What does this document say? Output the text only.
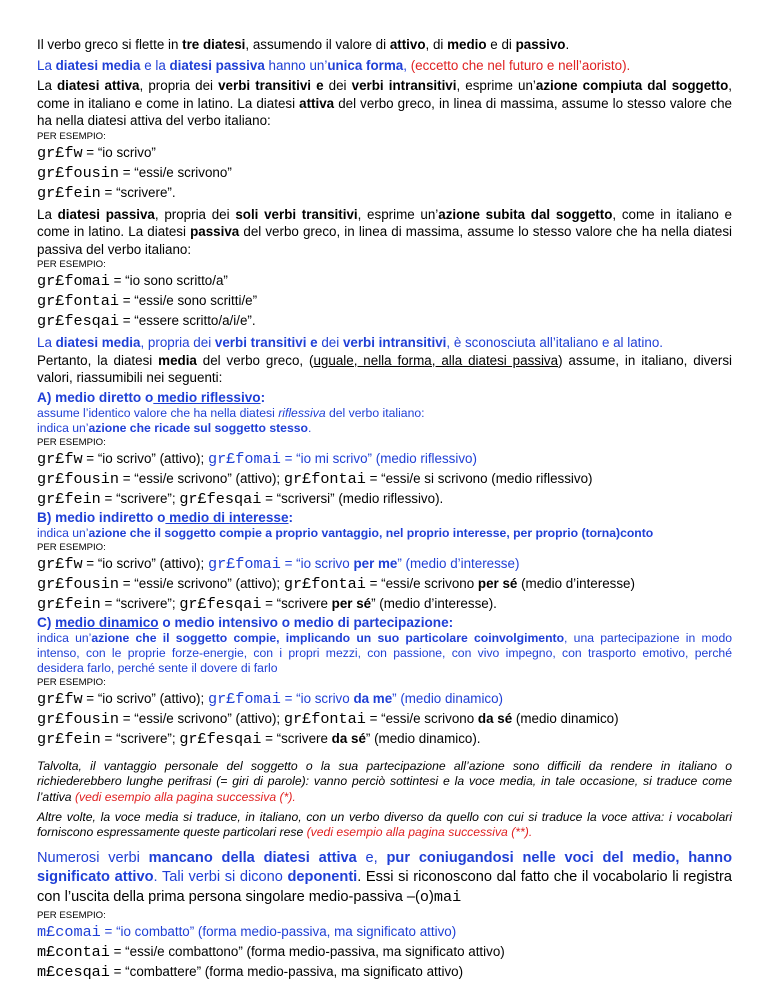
Il verbo greco si flette in tre diatesi, assumendo il valore di attivo, di medio e di passivo.

La diatesi media e la diatesi passiva hanno un’unica forma, (eccetto che nel futuro e nell’aoristo).

La diatesi attiva, propria dei verbi transitivi e dei verbi intransitivi, esprime un’azione compiuta dal soggetto, come in italiano e come in latino. La diatesi attiva del verbo greco, in linea di massima, assume lo stesso valore che ha nella diatesi attiva del verbo italiano:

PER ESEMPIO:

gr£fw = “io scrivo”

gr£fousin = “essi/e scrivono”

gr£fein = “scrivere”.

La diatesi passiva, propria dei soli verbi transitivi, esprime un’azione subita dal soggetto, come in italiano e come in latino. La diatesi passiva del verbo greco, in linea di massima, assume lo stesso valore che ha nella diatesi passiva del verbo italiano:

PER ESEMPIO:

gr£fomai = “io sono scritto/a”

gr£fontai = “essi/e sono scritti/e”

gr£fesqai = “essere scritto/a/i/e”.

La diatesi media, propria dei verbi transitivi e dei verbi intransitivi, è sconosciuta all’italiano e al latino.

Pertanto, la diatesi media del verbo greco, (uguale, nella forma, alla diatesi passiva) assume, in italiano, diversi valori, riassumibili nei seguenti:

A) medio diretto o medio riflessivo:

assume l’identico valore che ha nella diatesi riflessiva del verbo italiano:

indica un’azione che ricade sul soggetto stesso.

PER ESEMPIO:

gr£fw = “io scrivo” (attivo); gr£fomai = “io mi scrivo” (medio riflessivo)

gr£fousin = “essi/e scrivono” (attivo); gr£fontai = “essi/e si scrivono (medio riflessivo)

gr£fein = “scrivere”; gr£fesqai = “scriversi” (medio riflessivo).

B) medio indiretto o medio di interesse:

indica un’azione che il soggetto compie a proprio vantaggio, nel proprio interesse, per proprio (torna)conto

PER ESEMPIO:

gr£fw = “io scrivo” (attivo); gr£fomai = “io scrivo per me” (medio d’interesse)

gr£fousin = “essi/e scrivono” (attivo); gr£fontai = “essi/e scrivono per sé (medio d’interesse)

gr£fein = “scrivere”; gr£fesqai = “scrivere per sé” (medio d’interesse).

C) medio dinamico o medio intensivo o medio di partecipazione:

indica un’azione che il soggetto compie, implicando un suo particolare coinvolgimento, una partecipazione in modo intenso, con le proprie forze-energie, con i propri mezzi, con passione, con vivo impegno, con trasporto emotivo, perché desidera farlo, perché sente il dovere di farlo

PER ESEMPIO:

gr£fw = “io scrivo” (attivo); gr£fomai = “io scrivo da me” (medio dinamico)

gr£fousin = “essi/e scrivono” (attivo); gr£fontai = “essi/e scrivono da sé (medio dinamico)

gr£fein = “scrivere”; gr£fesqai = “scrivere da sé” (medio dinamico).

Talvolta, il vantaggio personale del soggetto o la sua partecipazione all’azione sono difficili da rendere in italiano o richiederebbero lunghe perifrasi (= giri di parole): vanno perciò sottintesi e la voce media, in tale occasione, si traduce come l’attiva (vedi esempio alla pagina successiva (*).

Altre volte, la voce media si traduce, in italiano, con un verbo diverso da quello con cui si traduce la voce attiva: i vocabolari forniscono espressamente queste particolari rese (vedi esempio alla pagina successiva (**).

Numerosi verbi mancano della diatesi attiva e, pur coniugandosi nelle voci del medio, hanno significato attivo. Tali verbi si dicono deponenti. Essi si riconoscono dal fatto che il vocabolario li registra con l’uscita della prima persona singolare medio-passiva –(o)mai

PER ESEMPIO:

m£comai = “io combatto” (forma medio-passiva, ma significato attivo)

m£contai = “essi/e combattono” (forma medio-passiva, ma significato attivo)

m£cesqai = “combattere” (forma medio-passiva, ma significato attivo)
